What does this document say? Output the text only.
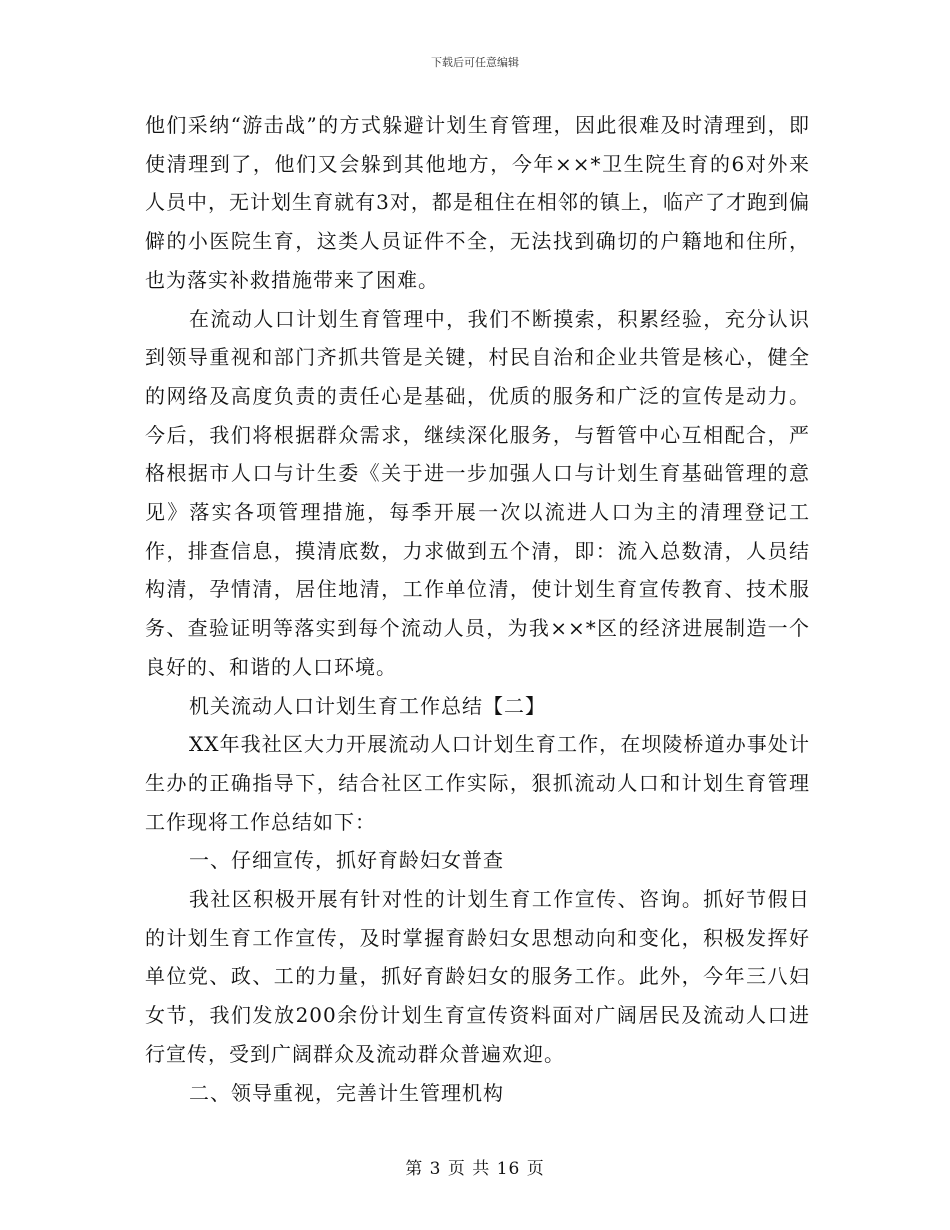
下载后可任意编辑

他们采纳“游击战”的方式躲避计划生育管理，因此很难及时清理到，即使清理到了，他们又会躲到其他地方，今年××*卫生院生育的6对外来人员中，无计划生育就有3对，都是租住在相邻的镇上，临产了才跑到偏僻的小医院生育，这类人员证件不全，无法找到确切的户籍地和住所，也为落实补救措施带来了困难。

在流动人口计划生育管理中，我们不断摸索，积累经验，充分认识到领导重视和部门齐抓共管是关键，村民自治和企业共管是核心，健全的网络及高度负责的责任心是基础，优质的服务和广泛的宣传是动力。今后，我们将根据群众需求，继续深化服务，与暂管中心互相配合，严格根据市人口与计生委《关于进一步加强人口与计划生育基础管理的意见》落实各项管理措施，每季开展一次以流进人口为主的清理登记工作，排查信息，摸清底数，力求做到五个清，即：流入总数清，人员结构清，孕情清，居住地清，工作单位清，使计划生育宣传教育、技术服务、查验证明等落实到每个流动人员，为我××*区的经济进展制造一个良好的、和谐的人口环境。

机关流动人口计划生育工作总结【二】

XX年我社区大力开展流动人口计划生育工作，在坝陵桥道办事处计生办的正确指导下，结合社区工作实际，狠抓流动人口和计划生育管理工作现将工作总结如下：

一、仔细宣传，抓好育龄妇女普查

我社区积极开展有针对性的计划生育工作宣传、咨询。抓好节假日的计划生育工作宣传，及时掌握育龄妇女思想动向和变化，积极发挥好单位党、政、工的力量，抓好育龄妇女的服务工作。此外，今年三八妇女节，我们发放200余份计划生育宣传资料面对广阔居民及流动人口进行宣传，受到广阔群众及流动群众普遍欢迎。

二、领导重视，完善计生管理机构

第 3 页 共 16 页
